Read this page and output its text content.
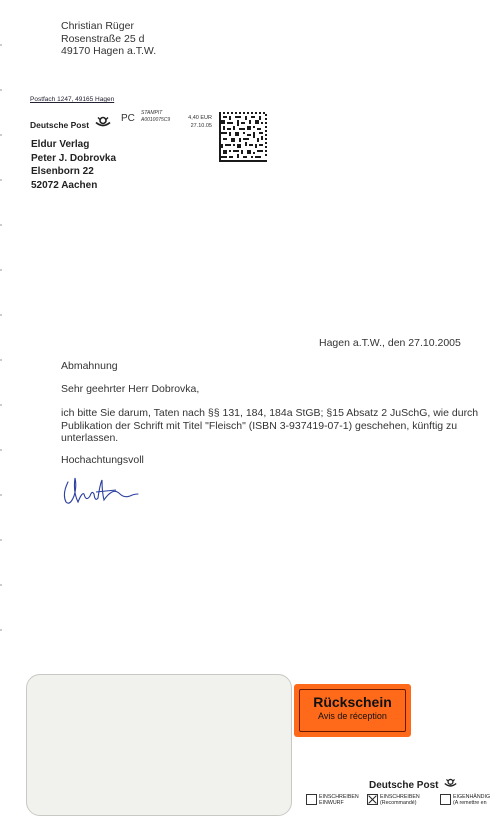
Christian Rüger
Rosenstraße 25 d
49170 Hagen a.T.W.
Postfach 1247, 49165 Hagen
Deutsche Post
PC STAMPIT
A0010075C9	4,40 EUR
27.10.05
Eldur Verlag
Peter J. Dobrovka
Elsenborn 22
52072 Aachen
Hagen a.T.W., den 27.10.2005
Abmahnung
Sehr geehrter Herr Dobrovka,
ich bitte Sie darum, Taten nach §§ 131, 184, 184a StGB; §15 Absatz 2 JuSchG, wie durch
Publikation der Schrift mit Titel "Fleisch" (ISBN 3-937419-07-1) geschehen, künftig zu
unterlassen.
Hochachtungsvoll
Rückschein
Avis de réception
Deutsche Post
EINSCHREIBEN
EINWURF
EINSCHREIBEN
(Recommandé)
EIGENHÄNDIG
(A remettre en
